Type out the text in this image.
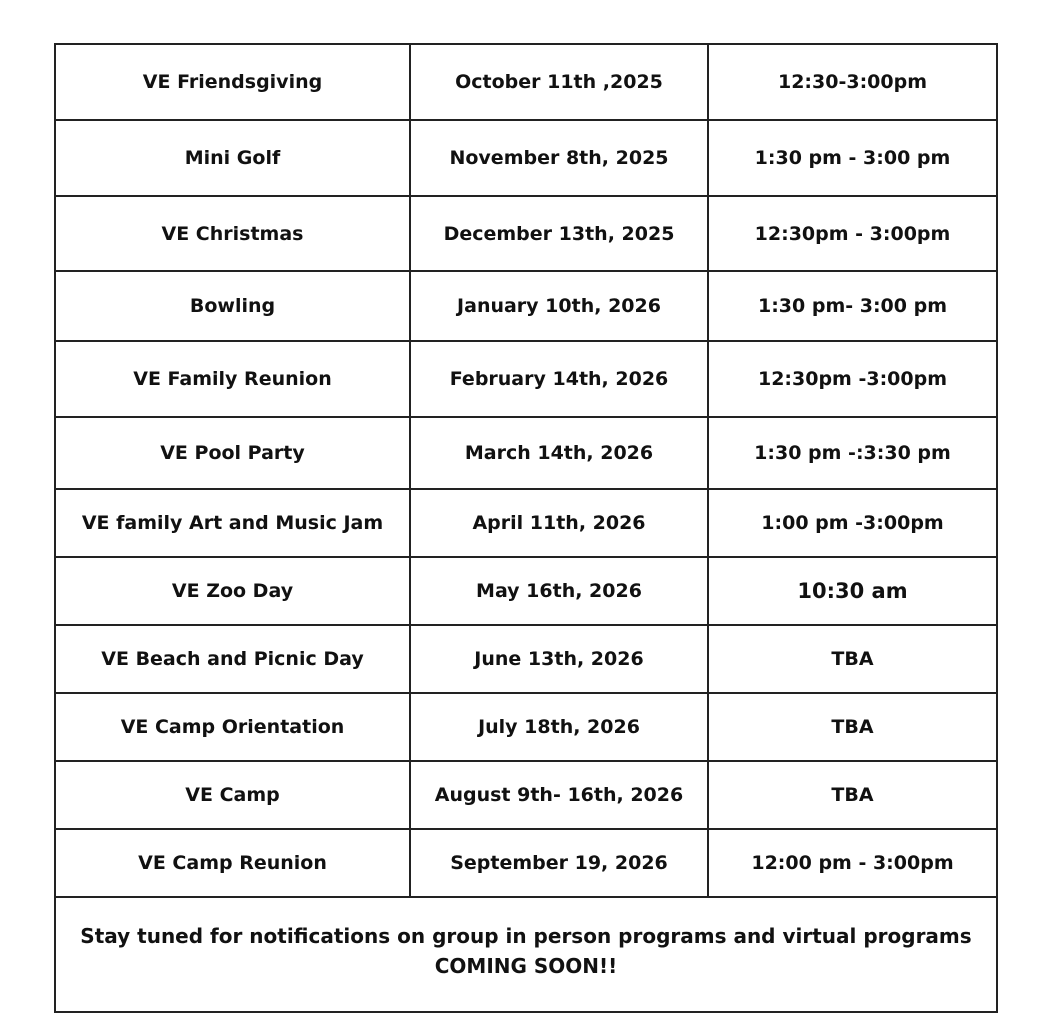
VE Friendsgiving	October 11th ,2025	12:30-3:00pm
Mini Golf	November 8th, 2025	1:30 pm - 3:00 pm
VE Christmas	December 13th, 2025	12:30pm - 3:00pm
Bowling	January 10th, 2026	1:30 pm- 3:00 pm
VE Family Reunion	February 14th, 2026	12:30pm -3:00pm
VE Pool Party	March 14th, 2026	1:30 pm -:3:30 pm
VE family Art and Music Jam	April 11th, 2026	1:00 pm -3:00pm
VE Zoo Day	May 16th, 2026	10:30 am
VE Beach and Picnic Day	June 13th, 2026	TBA
VE Camp Orientation	July 18th, 2026	TBA
VE Camp	August 9th- 16th, 2026	TBA
VE Camp Reunion	September 19, 2026	12:00 pm - 3:00pm
Stay tuned for notifications on group in person programs and virtual programs
COMING SOON!!
